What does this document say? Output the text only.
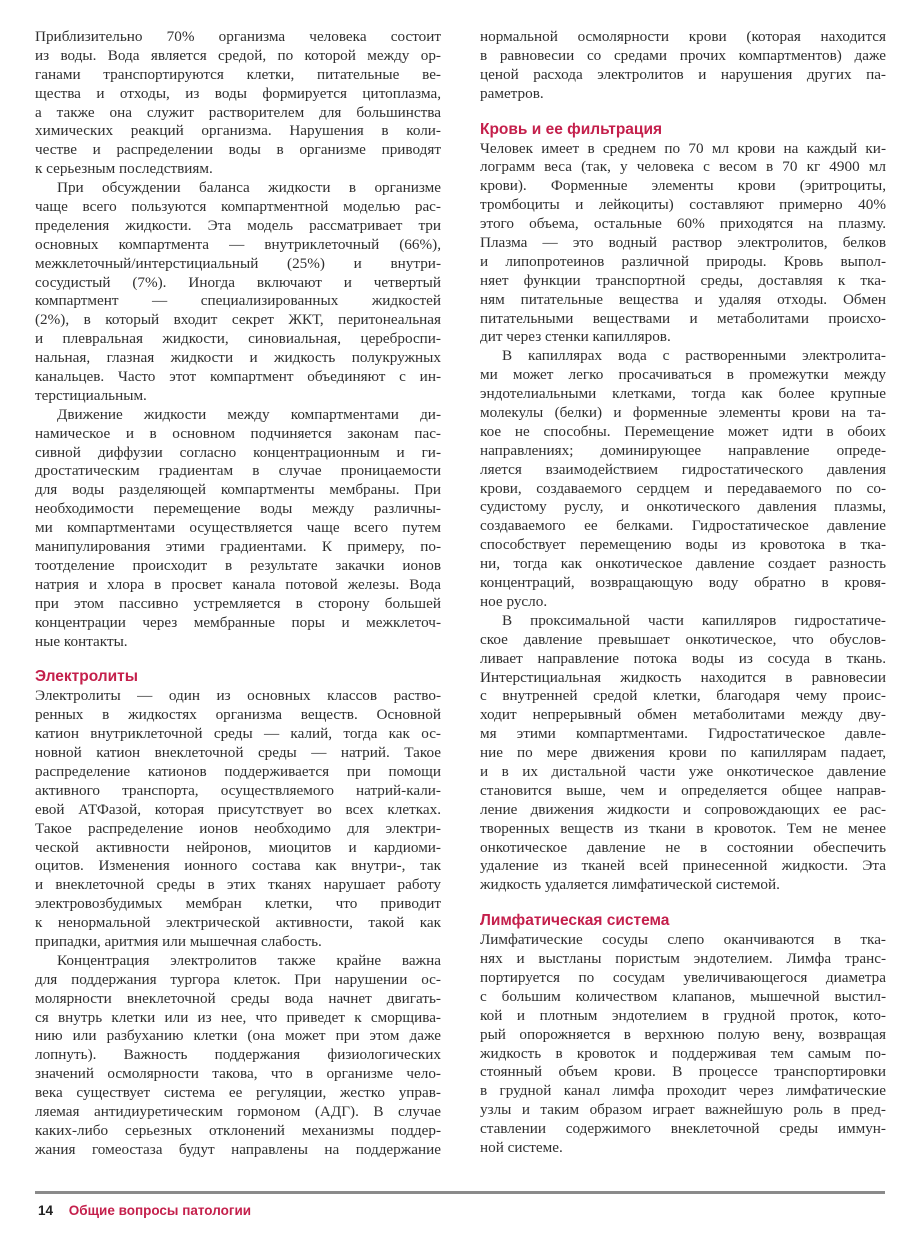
Приблизительно 70% организма человека состоит
из воды. Вода является средой, по которой между ор-
ганами транспортируются клетки, питательные ве-
щества и отходы, из воды формируется цитоплазма,
а также она служит растворителем для большинства
химических реакций организма. Нарушения в коли-
честве и распределении воды в организме приводят
к серьезным последствиям.
При обсуждении баланса жидкости в организме
чаще всего пользуются компартментной моделью рас-
пределения жидкости. Эта модель рассматривает три
основных компартмента — внутриклеточный (66%),
межклеточный/интерстициальный (25%) и внутри-
сосудистый (7%). Иногда включают и четвертый
компартмент — специализированных жидкостей
(2%), в который входит секрет ЖКТ, перитонеальная
и плевральная жидкости, синовиальная, цереброспи-
нальная, глазная жидкости и жидкость полукружных
канальцев. Часто этот компартмент объединяют с ин-
терстициальным.
Движение жидкости между компартментами ди-
намическое и в основном подчиняется законам пас-
сивной диффузии согласно концентрационным и ги-
дростатическим градиентам в случае проницаемости
для воды разделяющей компартменты мембраны. При
необходимости перемещение воды между различны-
ми компартментами осуществляется чаще всего путем
манипулирования этими градиентами. К примеру, по-
тоотделение происходит в результате закачки ионов
натрия и хлора в просвет канала потовой железы. Вода
при этом пассивно устремляется в сторону большей
концентрации через мембранные поры и межклеточ-
ные контакты.
Электролиты
Электролиты — один из основных классов раство-
ренных в жидкостях организма веществ. Основной
катион внутриклеточной среды — калий, тогда как ос-
новной катион внеклеточной среды — натрий. Такое
распределение катионов поддерживается при помощи
активного транспорта, осуществляемого натрий-кали-
евой АТФазой, которая присутствует во всех клетках.
Такое распределение ионов необходимо для электри-
ческой активности нейронов, миоцитов и кардиоми-
оцитов. Изменения ионного состава как внутри-, так
и внеклеточной среды в этих тканях нарушает работу
электровозбудимых мембран клетки, что приводит
к ненормальной электрической активности, такой как
припадки, аритмия или мышечная слабость.
Концентрация электролитов также крайне важна
для поддержания тургора клеток. При нарушении ос-
молярности внеклеточной среды вода начнет двигать-
ся внутрь клетки или из нее, что приведет к сморщива-
нию или разбуханию клетки (она может при этом даже
лопнуть). Важность поддержания физиологических
значений осмолярности такова, что в организме чело-
века существует система ее регуляции, жестко управ-
ляемая антидиуретическим гормоном (АДГ). В случае
каких-либо серьезных отклонений механизмы поддер-
жания гомеостаза будут направлены на поддержание
нормальной осмолярности крови (которая находится
в равновесии со средами прочих компартментов) даже
ценой расхода электролитов и нарушения других па-
раметров.
Кровь и ее фильтрация
Человек имеет в среднем по 70 мл крови на каждый ки-
лограмм веса (так, у человека с весом в 70 кг 4900 мл
крови). Форменные элементы крови (эритроциты,
тромбоциты и лейкоциты) составляют примерно 40%
этого объема, остальные 60% приходятся на плазму.
Плазма — это водный раствор электролитов, белков
и липопротеинов различной природы. Кровь выпол-
няет функции транспортной среды, доставляя к тка-
ням питательные вещества и удаляя отходы. Обмен
питательными веществами и метаболитами происхо-
дит через стенки капилляров.
В капиллярах вода с растворенными электролита-
ми может легко просачиваться в промежутки между
эндотелиальными клетками, тогда как более крупные
молекулы (белки) и форменные элементы крови на та-
кое не способны. Перемещение может идти в обоих
направлениях; доминирующее направление опреде-
ляется взаимодействием гидростатического давления
крови, создаваемого сердцем и передаваемого по со-
судистому руслу, и онкотического давления плазмы,
создаваемого ее белками. Гидростатическое давление
способствует перемещению воды из кровотока в тка-
ни, тогда как онкотическое давление создает разность
концентраций, возвращающую воду обратно в кровя-
ное русло.
В проксимальной части капилляров гидростатиче-
ское давление превышает онкотическое, что обуслов-
ливает направление потока воды из сосуда в ткань.
Интерстициальная жидкость находится в равновесии
с внутренней средой клетки, благодаря чему проис-
ходит непрерывный обмен метаболитами между дву-
мя этими компартментами. Гидростатическое давле-
ние по мере движения крови по капиллярам падает,
и в их дистальной части уже онкотическое давление
становится выше, чем и определяется общее направ-
ление движения жидкости и сопровождающих ее рас-
творенных веществ из ткани в кровоток. Тем не менее
онкотическое давление не в состоянии обеспечить
удаление из тканей всей принесенной жидкости. Эта
жидкость удаляется лимфатической системой.
Лимфатическая система
Лимфатические сосуды слепо оканчиваются в тка-
нях и выстланы пористым эндотелием. Лимфа транс-
портируется по сосудам увеличивающегося диаметра
с большим количеством клапанов, мышечной выстил-
кой и плотным эндотелием в грудной проток, кото-
рый опорожняется в верхнюю полую вену, возвращая
жидкость в кровоток и поддерживая тем самым по-
стоянный объем крови. В процессе транспортировки
в грудной канал лимфа проходит через лимфатические
узлы и таким образом играет важнейшую роль в пред-
ставлении содержимого внеклеточной среды иммун-
ной системе.
14 Общие вопросы патологии
